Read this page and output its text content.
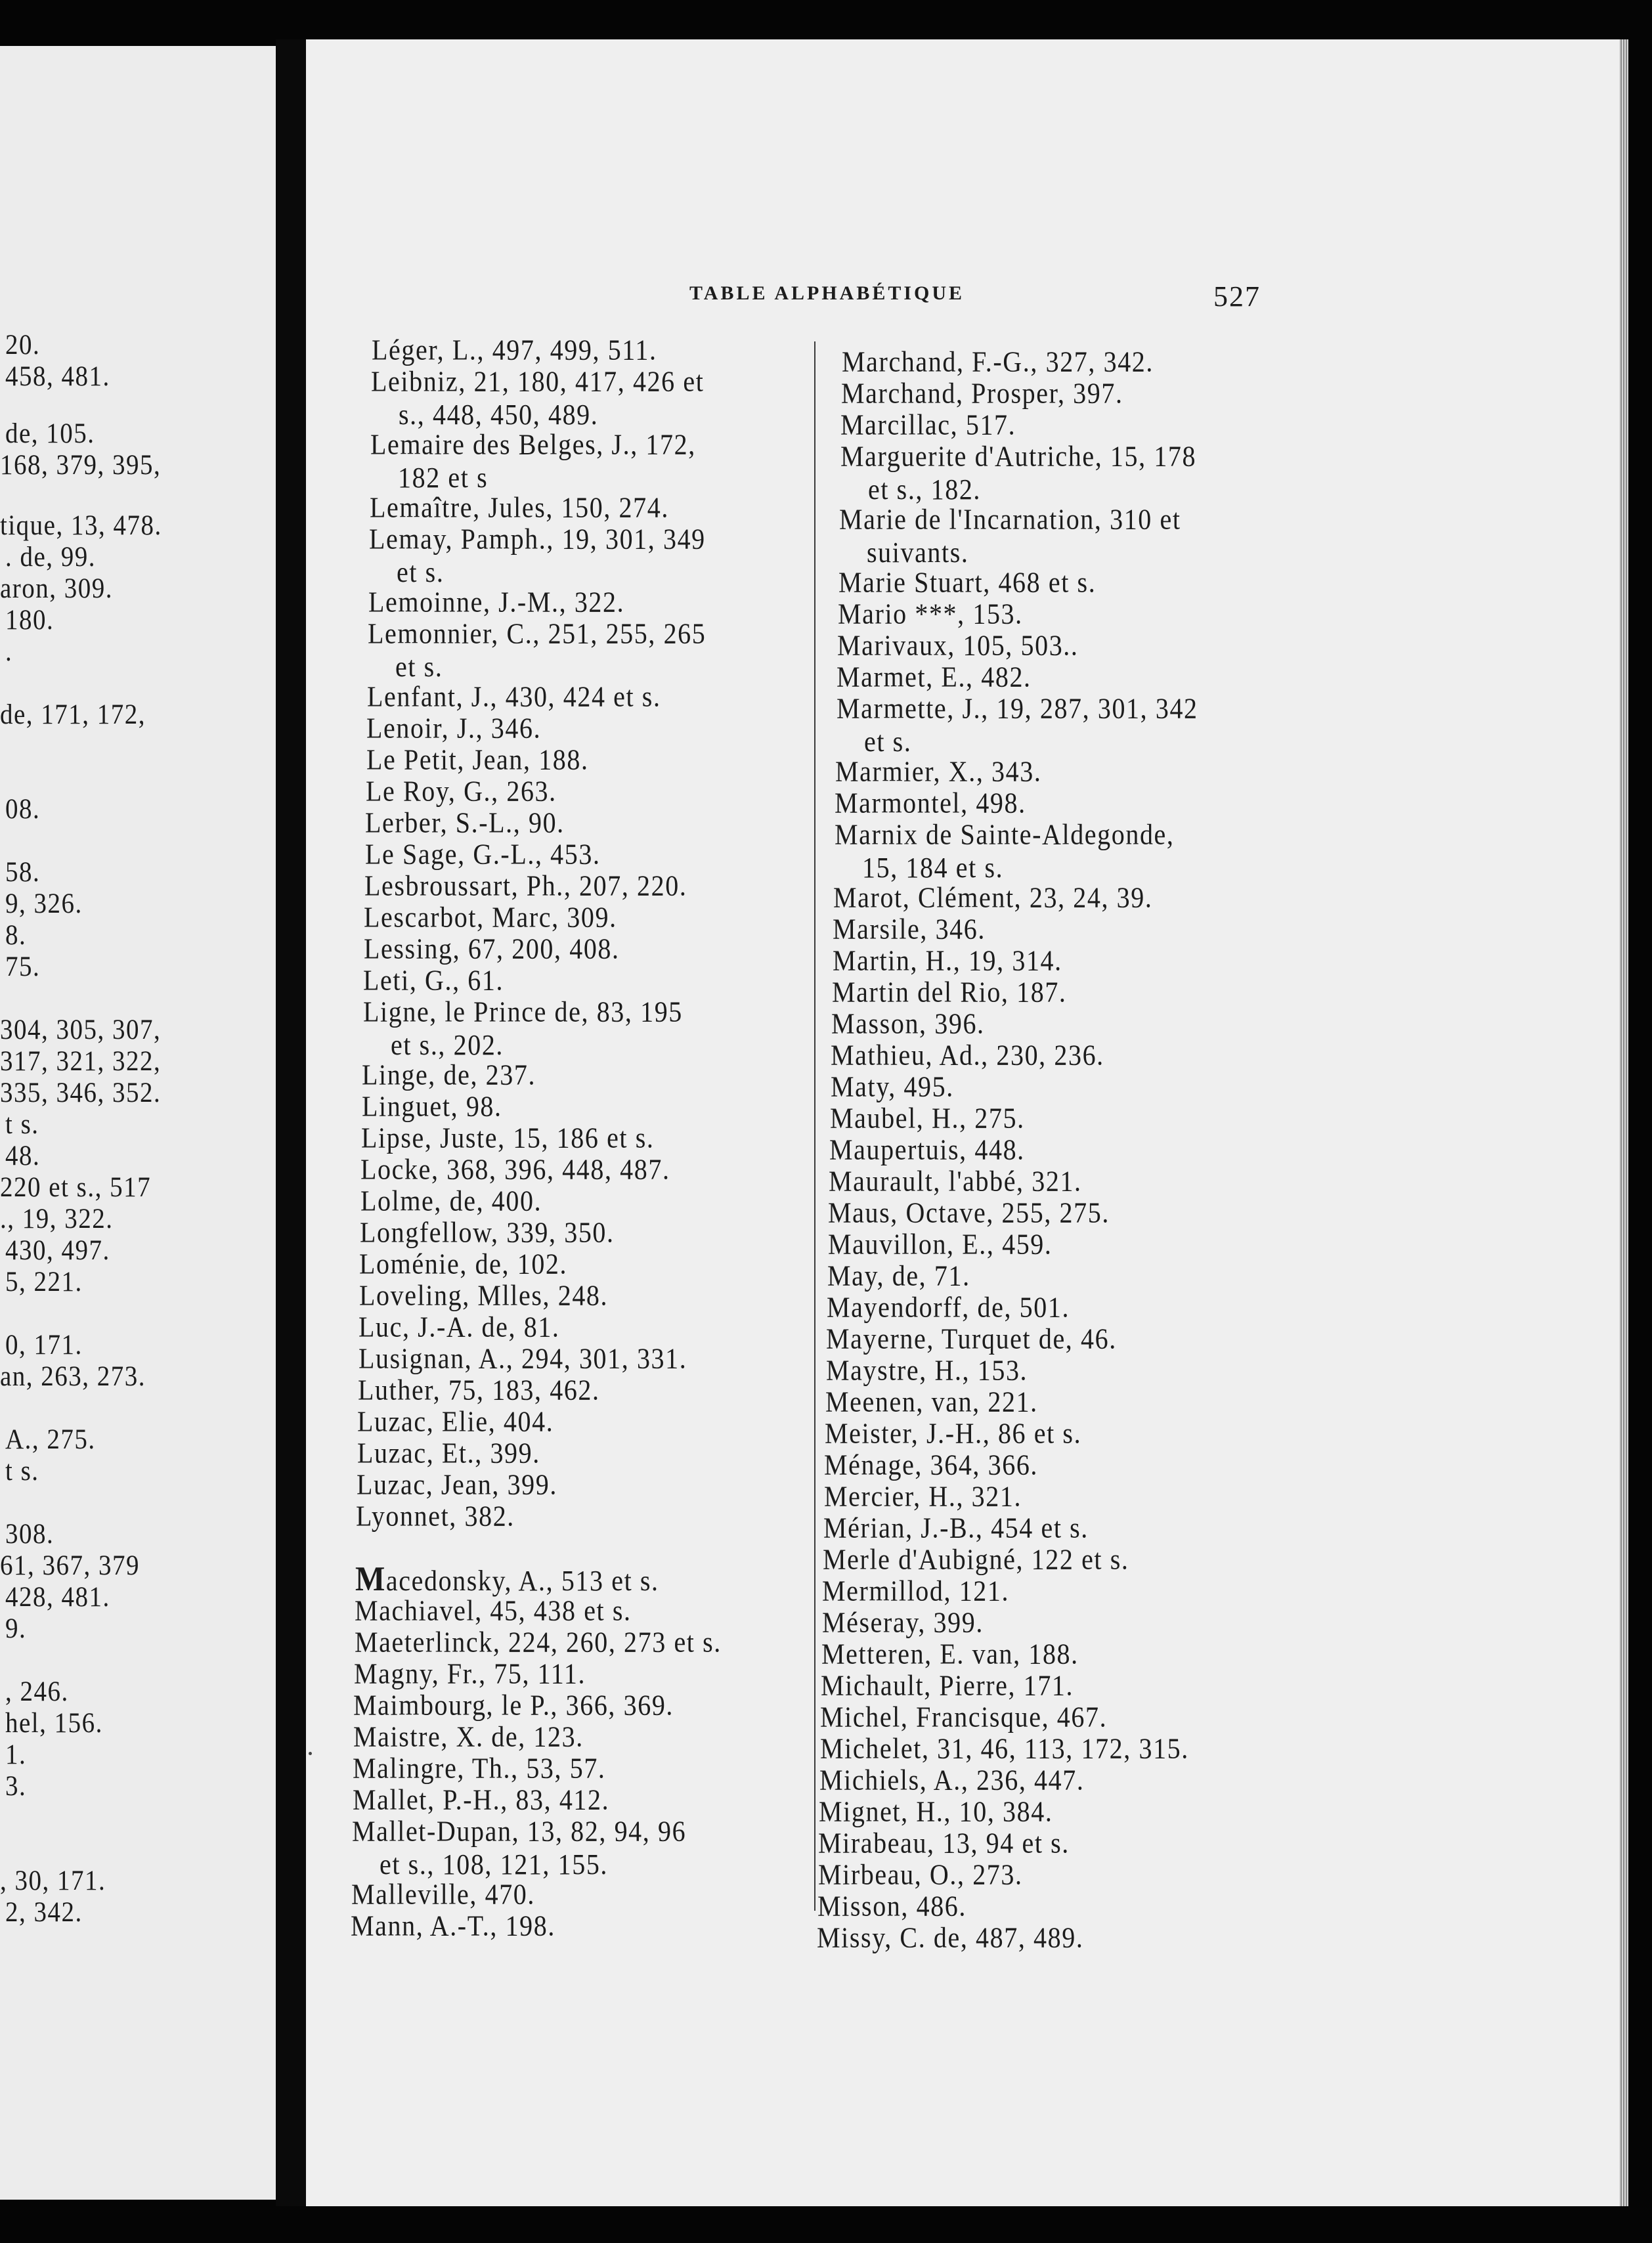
20.
458, 481.
de, 105.
168, 379, 395,
tique, 13, 478.
. de, 99.
aron, 309.
180.
.
de, 171, 172,
08.
58.
9, 326.
8.
75.
304, 305, 307,
317, 321, 322,
335, 346, 352.
t s.
48.
220 et s., 517
., 19, 322.
430, 497.
5, 221.
0, 171.
an, 263, 273.
A., 275.
t s.
308.
61, 367, 379
428, 481.
9.
, 246.
hel, 156.
1.
3.
, 30, 171.
2, 342.
TABLE ALPHABÉTIQUE	527
Léger, L., 497, 499, 511.
Leibniz, 21, 180, 417, 426 et
s., 448, 450, 489.
Lemaire des Belges, J., 172,
182 et s
Lemaître, Jules, 150, 274.
Lemay, Pamph., 19, 301, 349
et s.
Lemoinne, J.-M., 322.
Lemonnier, C., 251, 255, 265
et s.
Lenfant, J., 430, 424 et s.
Lenoir, J., 346.
Le Petit, Jean, 188.
Le Roy, G., 263.
Lerber, S.-L., 90.
Le Sage, G.-L., 453.
Lesbroussart, Ph., 207, 220.
Lescarbot, Marc, 309.
Lessing, 67, 200, 408.
Leti, G., 61.
Ligne, le Prince de, 83, 195
et s., 202.
Linge, de, 237.
Linguet, 98.
Lipse, Juste, 15, 186 et s.
Locke, 368, 396, 448, 487.
Lolme, de, 400.
Longfellow, 339, 350.
Loménie, de, 102.
Loveling, Mlles, 248.
Luc, J.-A. de, 81.
Lusignan, A., 294, 301, 331.
Luther, 75, 183, 462.
Luzac, Elie, 404.
Luzac, Et., 399.
Luzac, Jean, 399.
Lyonnet, 382.
Macedonsky, A., 513 et s.
Machiavel, 45, 438 et s.
Maeterlinck, 224, 260, 273 et s.
Magny, Fr., 75, 111.
Maimbourg, le P., 366, 369.
Maistre, X. de, 123.
Malingre, Th., 53, 57.
Mallet, P.-H., 83, 412.
Mallet-Dupan, 13, 82, 94, 96
et s., 108, 121, 155.
Malleville, 470.
Mann, A.-T., 198.
Marchand, F.-G., 327, 342.
Marchand, Prosper, 397.
Marcillac, 517.
Marguerite d'Autriche, 15, 178
et s., 182.
Marie de l'Incarnation, 310 et
suivants.
Marie Stuart, 468 et s.
Mario ***, 153.
Marivaux, 105, 503..
Marmet, E., 482.
Marmette, J., 19, 287, 301, 342
et s.
Marmier, X., 343.
Marmontel, 498.
Marnix de Sainte-Aldegonde,
15, 184 et s.
Marot, Clément, 23, 24, 39.
Marsile, 346.
Martin, H., 19, 314.
Martin del Rio, 187.
Masson, 396.
Mathieu, Ad., 230, 236.
Maty, 495.
Maubel, H., 275.
Maupertuis, 448.
Maurault, l'abbé, 321.
Maus, Octave, 255, 275.
Mauvillon, E., 459.
May, de, 71.
Mayendorff, de, 501.
Mayerne, Turquet de, 46.
Maystre, H., 153.
Meenen, van, 221.
Meister, J.-H., 86 et s.
Ménage, 364, 366.
Mercier, H., 321.
Mérian, J.-B., 454 et s.
Merle d'Aubigné, 122 et s.
Mermillod, 121.
Méseray, 399.
Metteren, E. van, 188.
Michault, Pierre, 171.
Michel, Francisque, 467.
Michelet, 31, 46, 113, 172, 315.
Michiels, A., 236, 447.
Mignet, H., 10, 384.
Mirabeau, 13, 94 et s.
Mirbeau, O., 273.
Misson, 486.
Missy, C. de, 487, 489.
